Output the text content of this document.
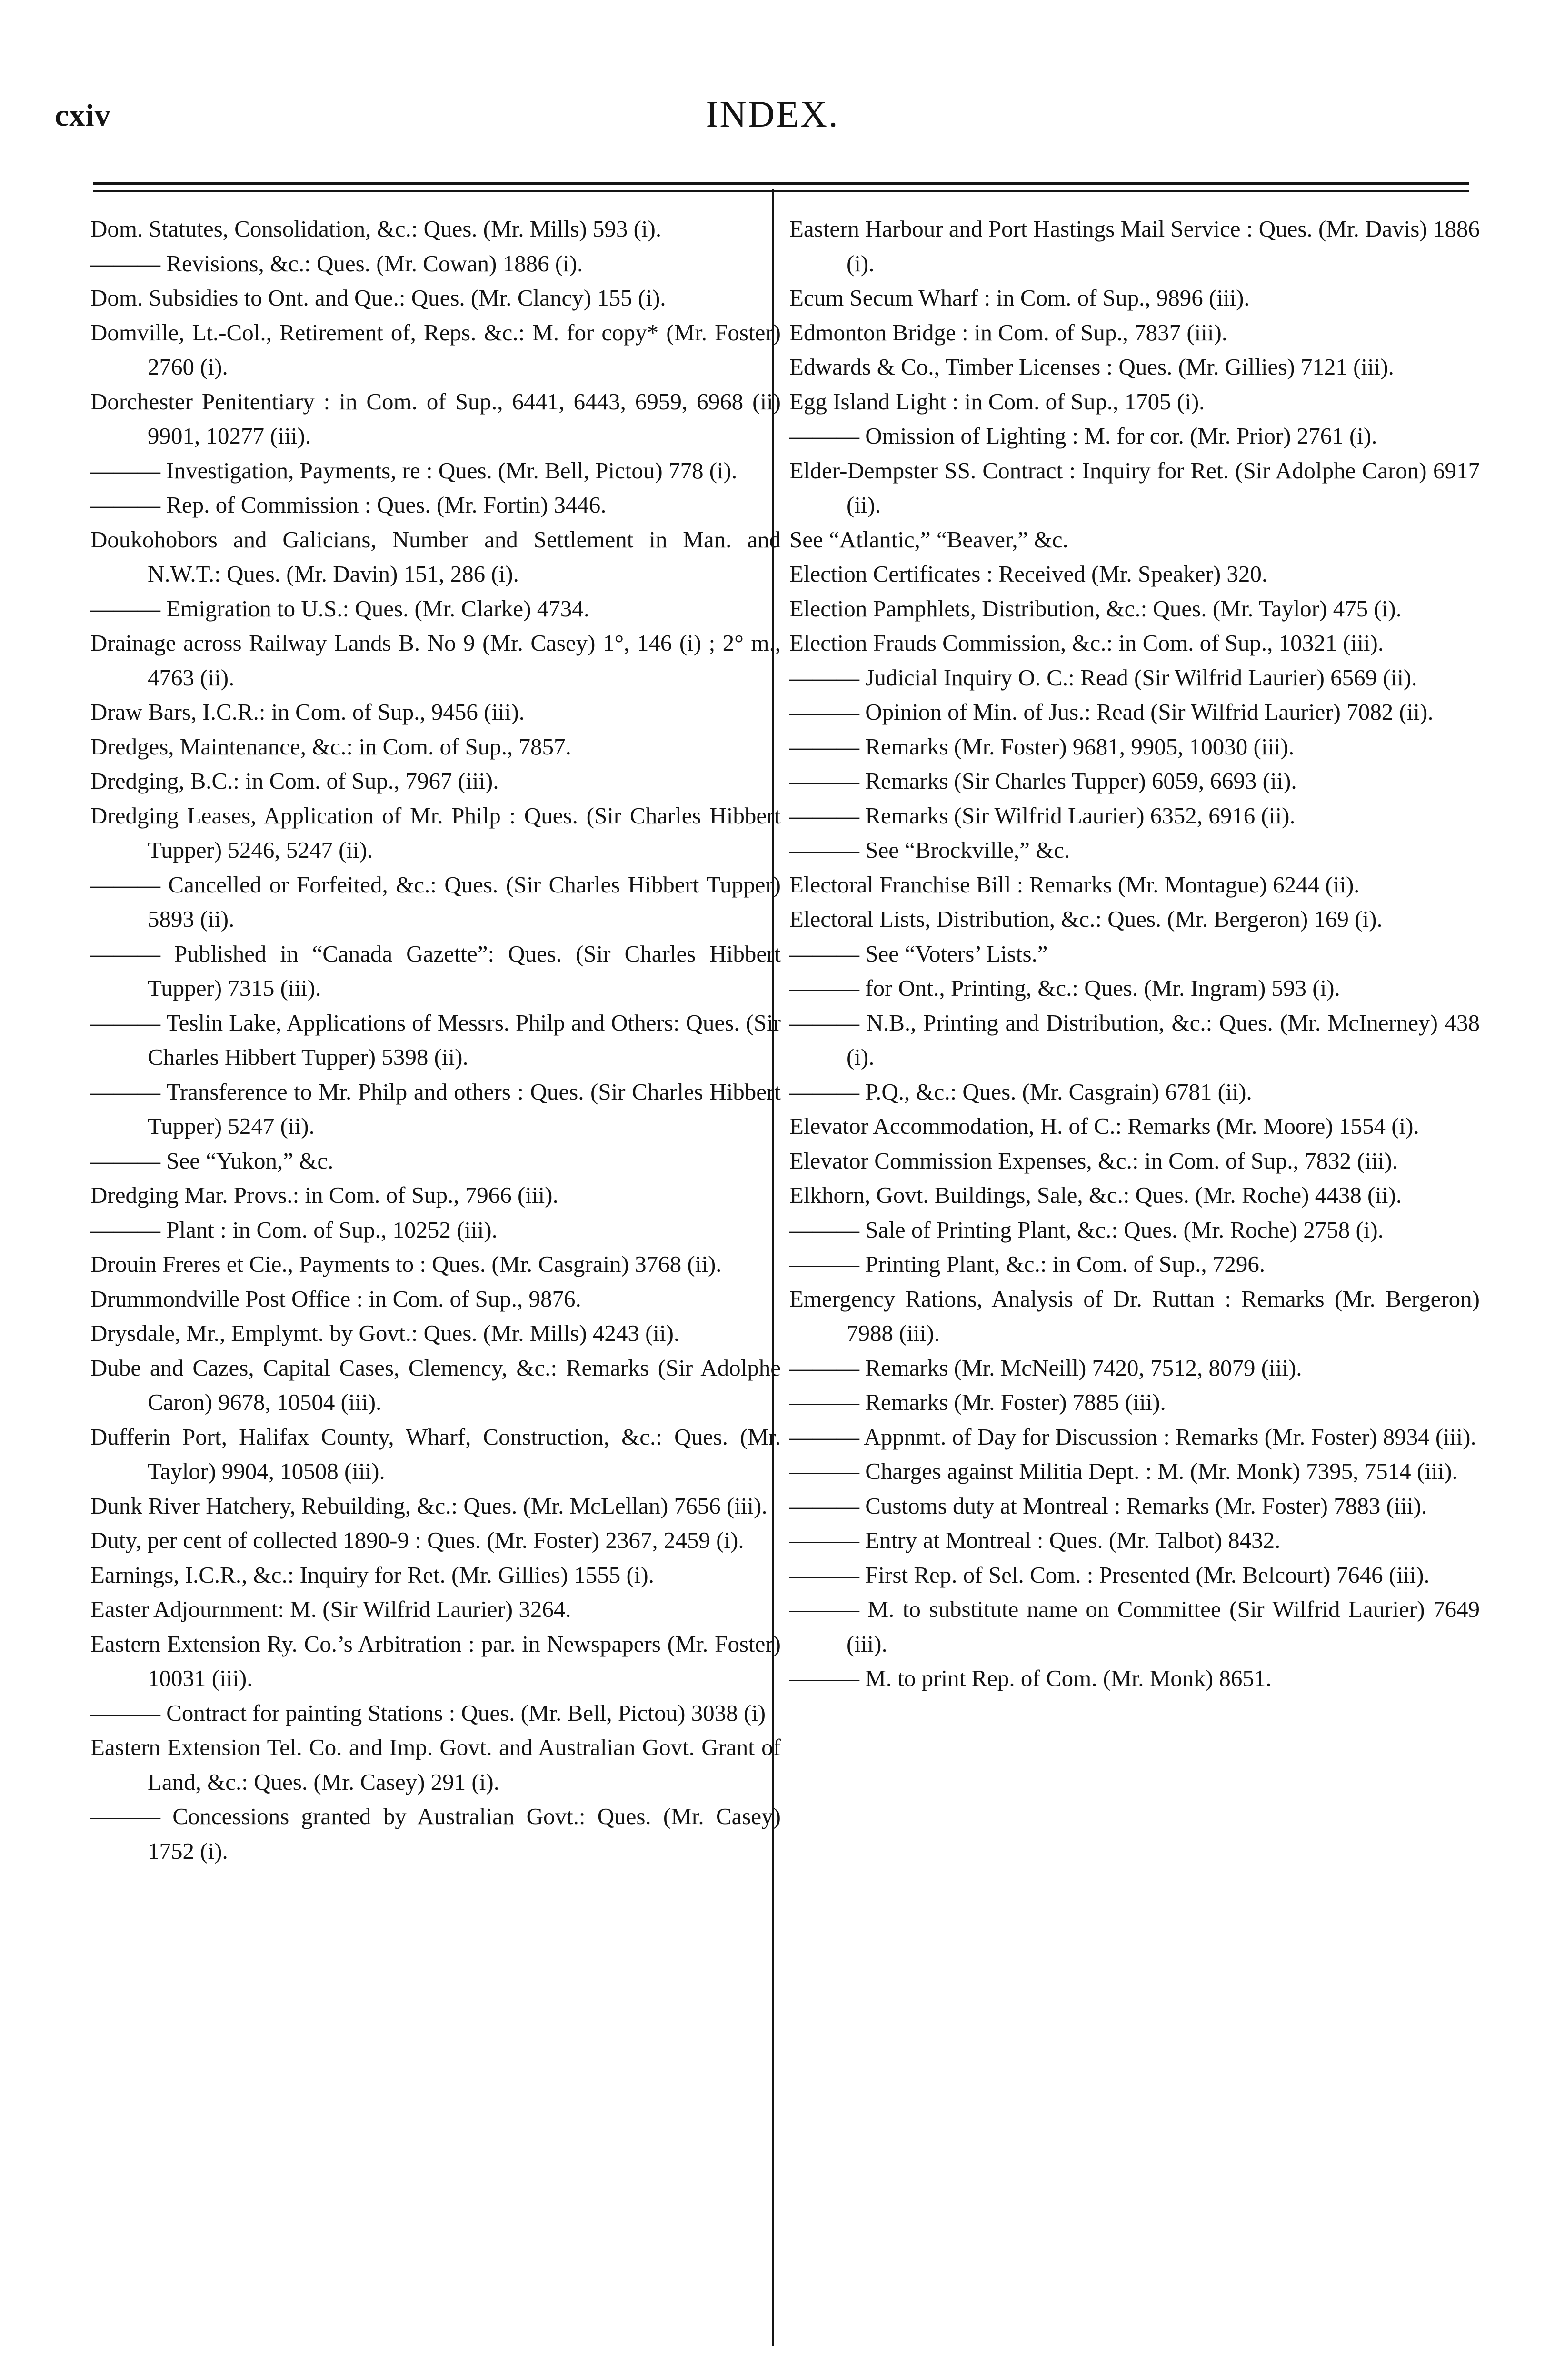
cxiv	INDEX.
Dom. Statutes, Consolidation, &c.: Ques. (Mr. Mills) 593 (i).
——— Revisions, &c.: Ques. (Mr. Cowan) 1886 (i).
Dom. Subsidies to Ont. and Que.: Ques. (Mr. Clancy) 155 (i).
Domville, Lt.-Col., Retirement of, Reps. &c.: M. for copy* (Mr. Foster) 2760 (i).
Dorchester Penitentiary : in Com. of Sup., 6441, 6443, 6959, 6968 (ii) 9901, 10277 (iii).
——— Investigation, Payments, re : Ques. (Mr. Bell, Pictou) 778 (i).
——— Rep. of Commission : Ques. (Mr. Fortin) 3446.
Doukohobors and Galicians, Number and Settlement in Man. and N.W.T.: Ques. (Mr. Davin) 151, 286 (i).
——— Emigration to U.S.: Ques. (Mr. Clarke) 4734.
Drainage across Railway Lands B. No 9 (Mr. Casey) 1°, 146 (i) ; 2° m., 4763 (ii).
Draw Bars, I.C.R.: in Com. of Sup., 9456 (iii).
Dredges, Maintenance, &c.: in Com. of Sup., 7857.
Dredging, B.C.: in Com. of Sup., 7967 (iii).
Dredging Leases, Application of Mr. Philp : Ques. (Sir Charles Hibbert Tupper) 5246, 5247 (ii).
——— Cancelled or Forfeited, &c.: Ques. (Sir Charles Hibbert Tupper) 5893 (ii).
——— Published in “Canada Gazette”: Ques. (Sir Charles Hibbert Tupper) 7315 (iii).
——— Teslin Lake, Applications of Messrs. Philp and Others: Ques. (Sir Charles Hibbert Tupper) 5398 (ii).
——— Transference to Mr. Philp and others : Ques. (Sir Charles Hibbert Tupper) 5247 (ii).
——— See “Yukon,” &c.
Dredging Mar. Provs.: in Com. of Sup., 7966 (iii).
——— Plant : in Com. of Sup., 10252 (iii).
Drouin Freres et Cie., Payments to : Ques. (Mr. Casgrain) 3768 (ii).
Drummondville Post Office : in Com. of Sup., 9876.
Drysdale, Mr., Emplymt. by Govt.: Ques. (Mr. Mills) 4243 (ii).
Dube and Cazes, Capital Cases, Clemency, &c.: Remarks (Sir Adolphe Caron) 9678, 10504 (iii).
Dufferin Port, Halifax County, Wharf, Construction, &c.: Ques. (Mr. Taylor) 9904, 10508 (iii).
Dunk River Hatchery, Rebuilding, &c.: Ques. (Mr. McLellan) 7656 (iii).
Duty, per cent of collected 1890-9 : Ques. (Mr. Foster) 2367, 2459 (i).
Earnings, I.C.R., &c.: Inquiry for Ret. (Mr. Gillies) 1555 (i).
Easter Adjournment: M. (Sir Wilfrid Laurier) 3264.
Eastern Extension Ry. Co.’s Arbitration : par. in Newspapers (Mr. Foster) 10031 (iii).
——— Contract for painting Stations : Ques. (Mr. Bell, Pictou) 3038 (i)
Eastern Extension Tel. Co. and Imp. Govt. and Australian Govt. Grant of Land, &c.: Ques. (Mr. Casey) 291 (i).
——— Concessions granted by Australian Govt.: Ques. (Mr. Casey) 1752 (i).
Eastern Harbour and Port Hastings Mail Service : Ques. (Mr. Davis) 1886 (i).
Ecum Secum Wharf : in Com. of Sup., 9896 (iii).
Edmonton Bridge : in Com. of Sup., 7837 (iii).
Edwards & Co., Timber Licenses : Ques. (Mr. Gillies) 7121 (iii).
Egg Island Light : in Com. of Sup., 1705 (i).
——— Omission of Lighting : M. for cor. (Mr. Prior) 2761 (i).
Elder-Dempster SS. Contract : Inquiry for Ret. (Sir Adolphe Caron) 6917 (ii).
See “Atlantic,” “Beaver,” &c.
Election Certificates : Received (Mr. Speaker) 320.
Election Pamphlets, Distribution, &c.: Ques. (Mr. Taylor) 475 (i).
Election Frauds Commission, &c.: in Com. of Sup., 10321 (iii).
——— Judicial Inquiry O. C.: Read (Sir Wilfrid Laurier) 6569 (ii).
——— Opinion of Min. of Jus.: Read (Sir Wilfrid Laurier) 7082 (ii).
——— Remarks (Mr. Foster) 9681, 9905, 10030 (iii).
——— Remarks (Sir Charles Tupper) 6059, 6693 (ii).
——— Remarks (Sir Wilfrid Laurier) 6352, 6916 (ii).
——— See “Brockville,” &c.
Electoral Franchise Bill : Remarks (Mr. Montague) 6244 (ii).
Electoral Lists, Distribution, &c.: Ques. (Mr. Bergeron) 169 (i).
——— See “Voters’ Lists.”
——— for Ont., Printing, &c.: Ques. (Mr. Ingram) 593 (i).
——— N.B., Printing and Distribution, &c.: Ques. (Mr. McInerney) 438 (i).
——— P.Q., &c.: Ques. (Mr. Casgrain) 6781 (ii).
Elevator Accommodation, H. of C.: Remarks (Mr. Moore) 1554 (i).
Elevator Commission Expenses, &c.: in Com. of Sup., 7832 (iii).
Elkhorn, Govt. Buildings, Sale, &c.: Ques. (Mr. Roche) 4438 (ii).
——— Sale of Printing Plant, &c.: Ques. (Mr. Roche) 2758 (i).
——— Printing Plant, &c.: in Com. of Sup., 7296.
Emergency Rations, Analysis of Dr. Ruttan : Remarks (Mr. Bergeron) 7988 (iii).
——— Remarks (Mr. McNeill) 7420, 7512, 8079 (iii).
——— Remarks (Mr. Foster) 7885 (iii).
——— Appnmt. of Day for Discussion : Remarks (Mr. Foster) 8934 (iii).
——— Charges against Militia Dept. : M. (Mr. Monk) 7395, 7514 (iii).
——— Customs duty at Montreal : Remarks (Mr. Foster) 7883 (iii).
——— Entry at Montreal : Ques. (Mr. Talbot) 8432.
——— First Rep. of Sel. Com. : Presented (Mr. Belcourt) 7646 (iii).
——— M. to substitute name on Committee (Sir Wilfrid Laurier) 7649 (iii).
——— M. to print Rep. of Com. (Mr. Monk) 8651.
